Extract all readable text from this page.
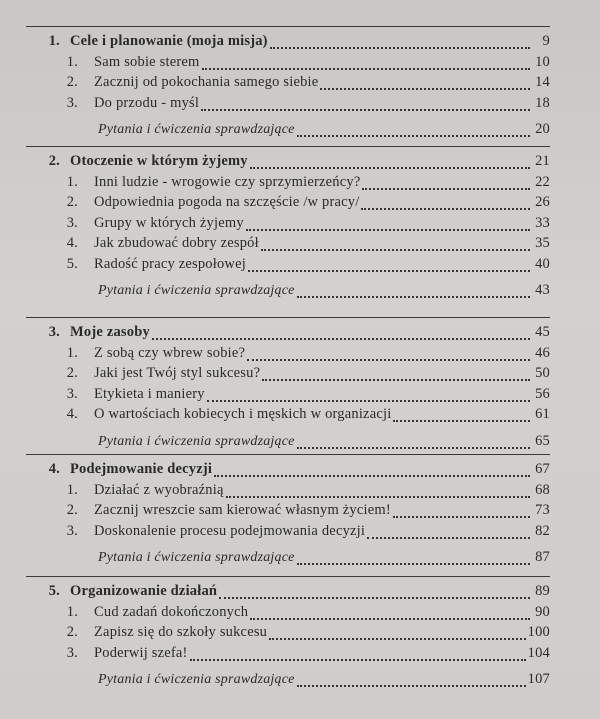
1. Cele i planowanie (moja misja)	9
1.	Sam sobie sterem	10
2.	Zacznij od pokochania samego siebie	14
3.	Do przodu - myśl	18
Pytania i ćwiczenia sprawdzające	20
2. Otoczenie w którym żyjemy	21
1.	Inni ludzie - wrogowie czy sprzymierzeńcy?	22
2.	Odpowiednia pogoda na szczęście /w pracy/	26
3.	Grupy w których żyjemy	33
4.	Jak zbudować dobry zespół	35
5.	Radość pracy zespołowej	40
Pytania i ćwiczenia sprawdzające	43
3. Moje zasoby	45
1.	Z sobą czy wbrew sobie?	46
2.	Jaki jest Twój styl sukcesu?	50
3.	Etykieta i maniery	56
4.	O wartościach kobiecych i męskich w organizacji	61
Pytania i ćwiczenia sprawdzające	65
4. Podejmowanie decyzji	67
1.	Działać z wyobraźnią	68
2.	Zacznij wreszcie sam kierować własnym życiem!	73
3.	Doskonalenie procesu podejmowania decyzji	82
Pytania i ćwiczenia sprawdzające	87
5. Organizowanie działań	89
1.	Cud zadań dokończonych	90
2.	Zapisz się do szkoły sukcesu	100
3.	Poderwij szefa!	104
Pytania i ćwiczenia sprawdzające	107
